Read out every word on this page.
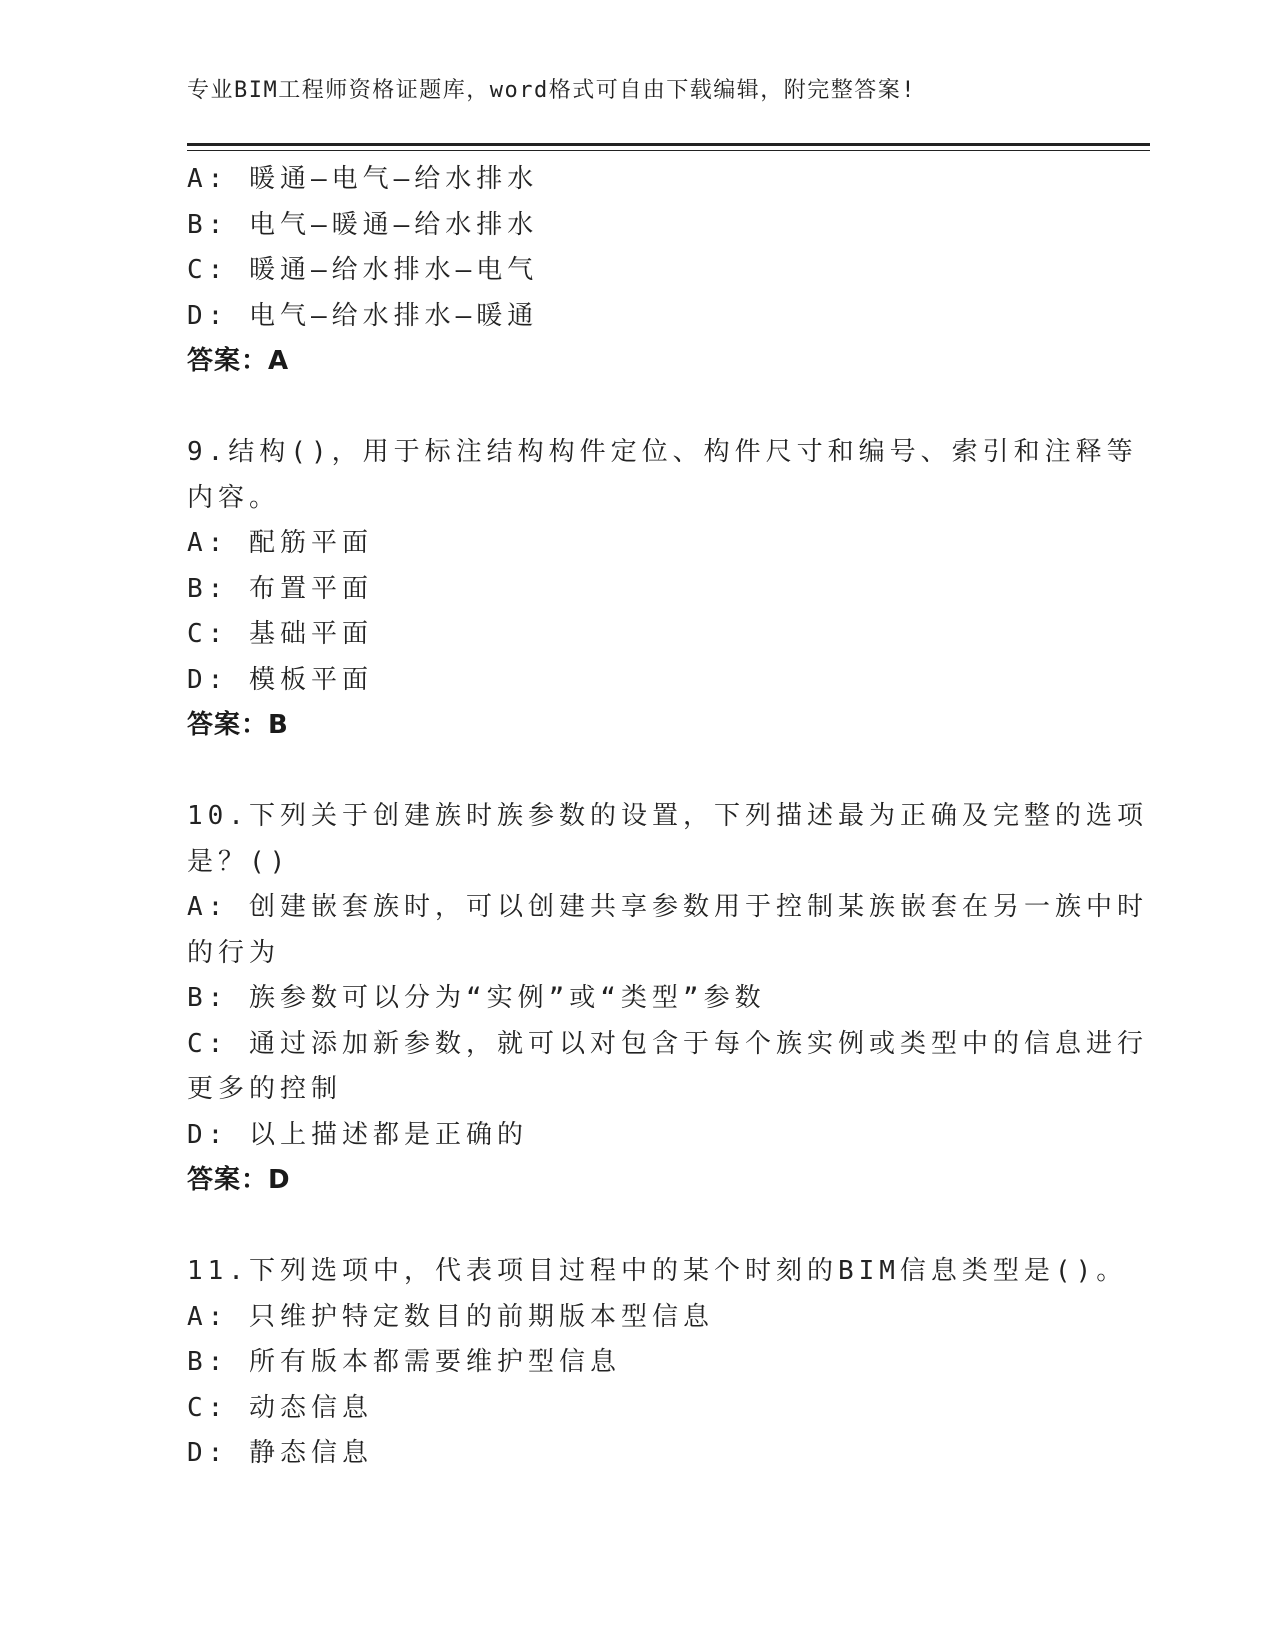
专业BIM工程师资格证题库，word格式可自由下载编辑，附完整答案!
A: 暖通—电气—给水排水
B: 电气—暖通—给水排水
C: 暖通—给水排水—电气
D: 电气—给水排水—暖通
答案：A
9.结构()，用于标注结构构件定位、构件尺寸和编号、索引和注释等
内容。
A: 配筋平面
B: 布置平面
C: 基础平面
D: 模板平面
答案：B
10.下列关于创建族时族参数的设置，下列描述最为正确及完整的选项
是？()
A: 创建嵌套族时，可以创建共享参数用于控制某族嵌套在另一族中时
的行为
B: 族参数可以分为“实例”或“类型”参数
C: 通过添加新参数，就可以对包含于每个族实例或类型中的信息进行
更多的控制
D: 以上描述都是正确的
答案：D
11.下列选项中，代表项目过程中的某个时刻的BIM信息类型是()。
A: 只维护特定数目的前期版本型信息
B: 所有版本都需要维护型信息
C: 动态信息
D: 静态信息
